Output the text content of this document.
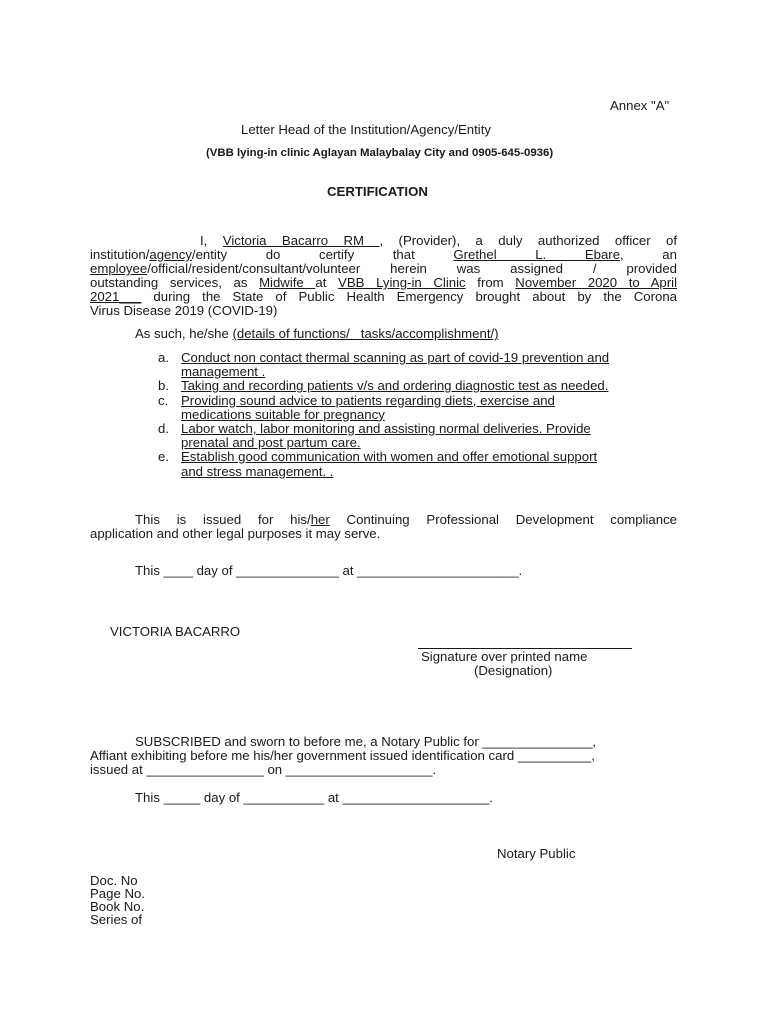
Annex "A"
Letter Head of the Institution/Agency/Entity
(VBB lying-in clinic Aglayan Malaybalay City and 0905-645-0936)
CERTIFICATION
I, Victoria Bacarro RM , (Provider), a duly authorized officer of
institution/agency/entity do certify that Grethel L. Ebare, an
employee/official/resident/consultant/volunteer herein was assigned / provided
outstanding services, as Midwife at VBB Lying-in Clinic from November 2020 to April
2021___ during the State of Public Health Emergency brought about by the Corona
Virus Disease 2019 (COVID-19)
As such, he/she (details of functions/   tasks/accomplishment/)
a. Conduct non contact thermal scanning as part of covid-19 prevention and
management .
b. Taking and recording patients v/s and ordering diagnostic test as needed.
c. Providing sound advice to patients regarding diets, exercise and
medications suitable for pregnancy
d. Labor watch, labor monitoring and assisting normal deliveries. Provide
prenatal and post partum care.
e. Establish good communication with women and offer emotional support
and stress management. .
This is issued for his/her Continuing Professional Development compliance
application and other legal purposes it may serve.
This ____ day of ______________ at ______________________.
VICTORIA BACARRO
Signature over printed name
(Designation)
SUBSCRIBED and sworn to before me, a Notary Public for _______________,
Affiant exhibiting before me his/her government issued identification card __________,
issued at ________________ on ____________________.
This _____ day of ___________ at ____________________.
Notary Public
Doc. No
Page No.
Book No.
Series of
